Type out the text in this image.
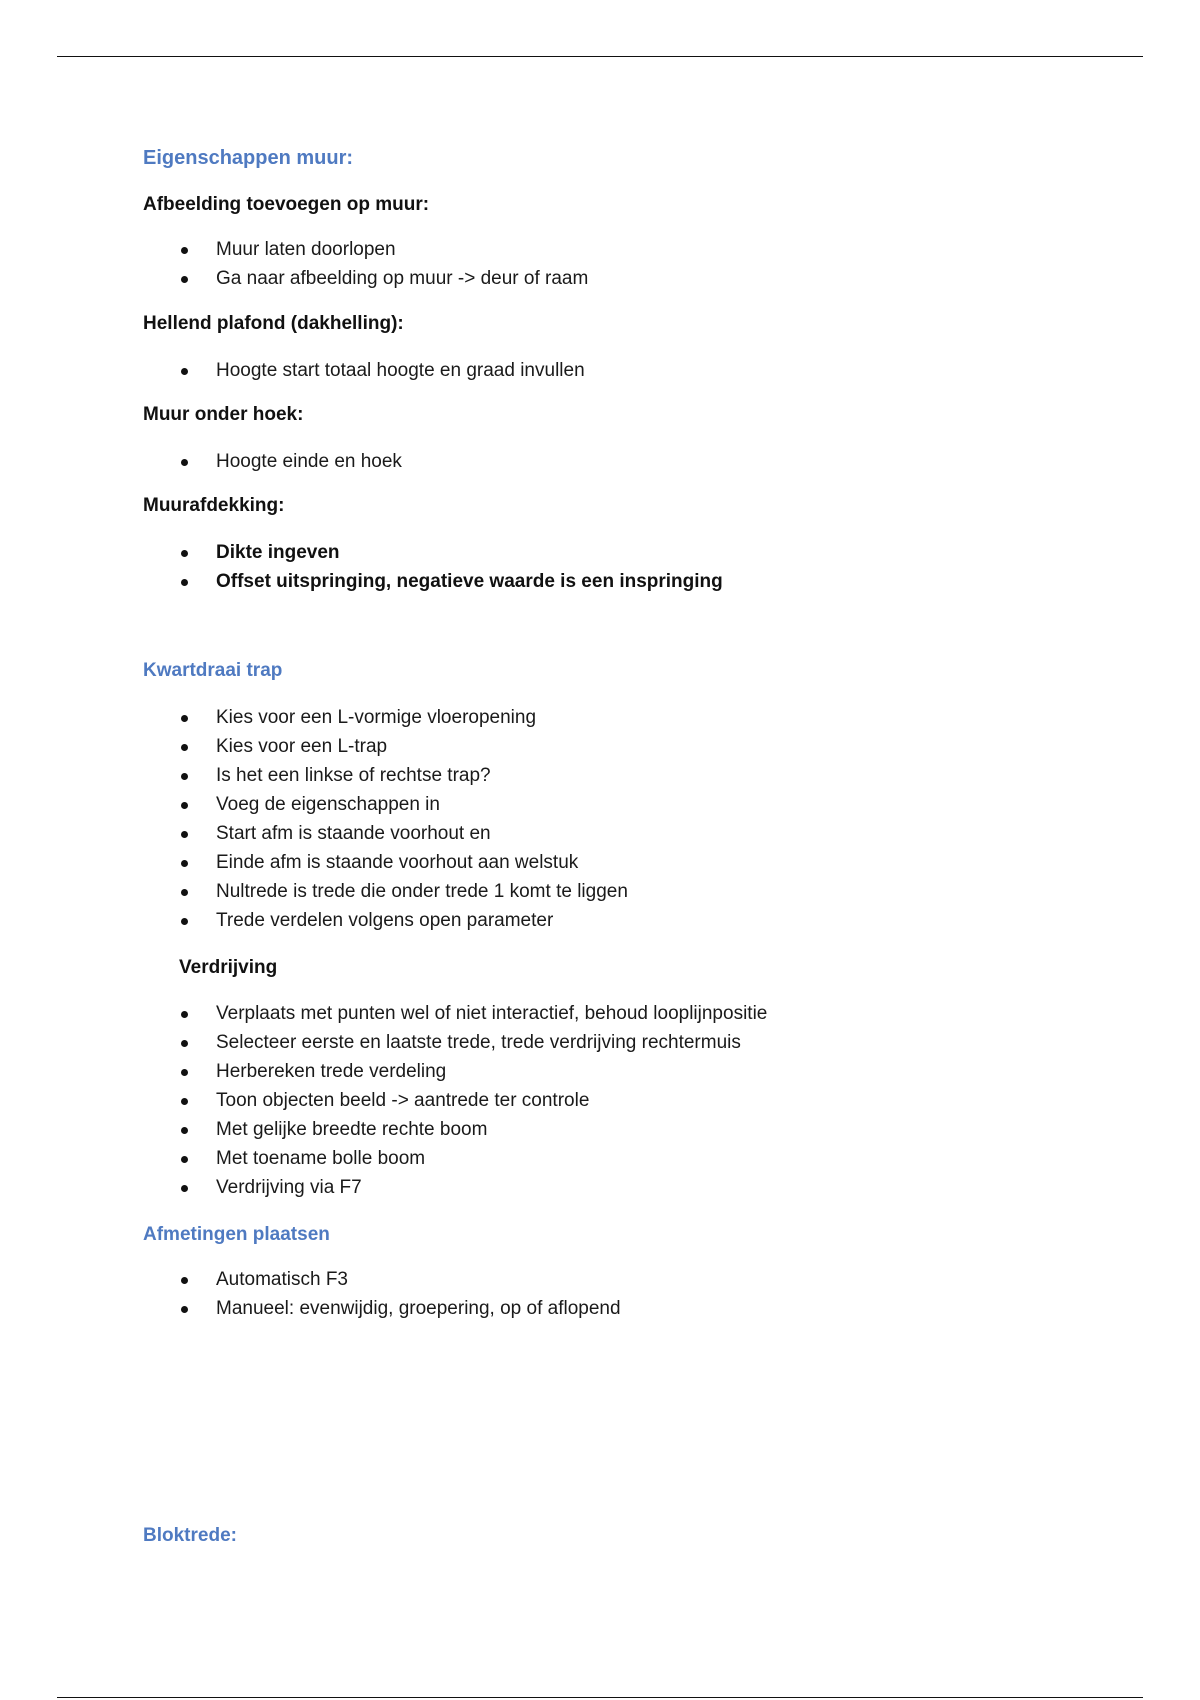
Eigenschappen muur:
Afbeelding toevoegen op muur:
Muur laten doorlopen
Ga naar afbeelding op muur -> deur of raam
Hellend plafond (dakhelling):
Hoogte start totaal hoogte en graad invullen
Muur onder hoek:
Hoogte einde en hoek
Muurafdekking:
Dikte ingeven
Offset uitspringing, negatieve waarde is een inspringing
Kwartdraai trap
Kies voor een L-vormige vloeropening
Kies voor een L-trap
Is het een linkse of rechtse trap?
Voeg de eigenschappen in
Start afm is staande voorhout en
Einde afm is staande voorhout aan welstuk
Nultrede is trede die onder trede 1 komt te liggen
Trede verdelen volgens open parameter
Verdrijving
Verplaats met punten wel of niet interactief, behoud looplijnpositie
Selecteer eerste en laatste trede, trede verdrijving rechtermuis
Herbereken trede verdeling
Toon objecten beeld -> aantrede ter controle
Met gelijke breedte rechte boom
Met toename bolle boom
Verdrijving via F7
Afmetingen plaatsen
Automatisch F3
Manueel: evenwijdig, groepering, op of aflopend
Bloktrede:
